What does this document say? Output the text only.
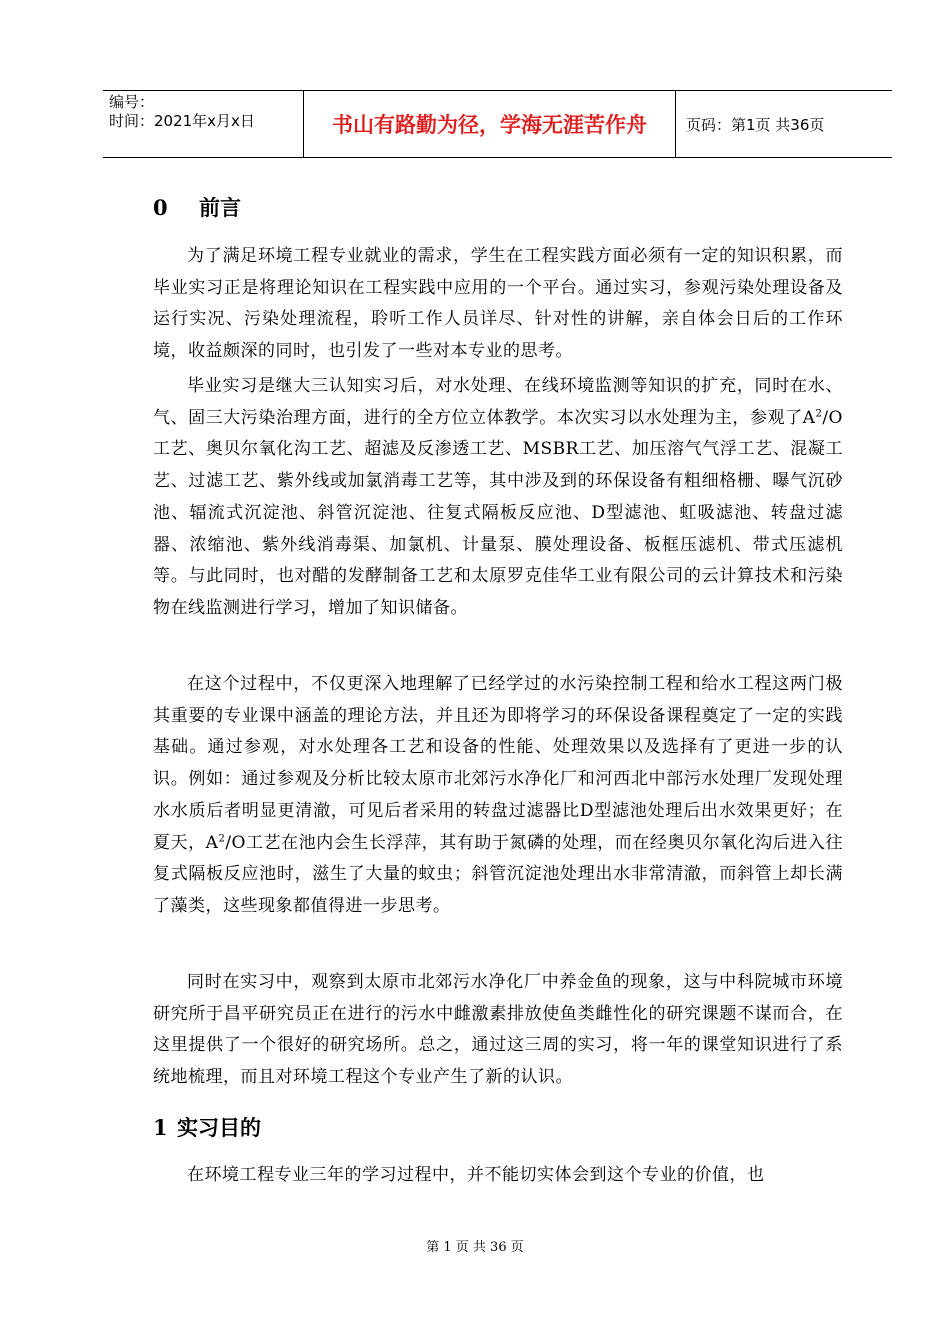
编号：
时间：2021年x月x日	书山有路勤为径，学海无涯苦作舟	页码：第1页 共36页
0 前言

为了满足环境工程专业就业的需求，学生在工程实践方面必须有一定的知识积累，而毕业实习正是将理论知识在工程实践中应用的一个平台。通过实习，参观污染处理设备及运行实况、污染处理流程，聆听工作人员详尽、针对性的讲解，亲自体会日后的工作环境，收益颇深的同时，也引发了一些对本专业的思考。

毕业实习是继大三认知实习后，对水处理、在线环境监测等知识的扩充，同时在水、气、固三大污染治理方面，进行的全方位立体教学。本次实习以水处理为主，参观了$A^2/O$工艺、奥贝尔氧化沟工艺、超滤及反渗透工艺、MSBR工艺、加压溶气气浮工艺、混凝工艺、过滤工艺、紫外线或加氯消毒工艺等，其中涉及到的环保设备有粗细格栅、曝气沉砂池、辐流式沉淀池、斜管沉淀池、往复式隔板反应池、D型滤池、虹吸滤池、转盘过滤器、浓缩池、紫外线消毒渠、加氯机、计量泵、膜处理设备、板框压滤机、带式压滤机等。与此同时，也对醋的发酵制备工艺和太原罗克佳华工业有限公司的云计算技术和污染物在线监测进行学习，增加了知识储备。

在这个过程中，不仅更深入地理解了已经学过的水污染控制工程和给水工程这两门极其重要的专业课中涵盖的理论方法，并且还为即将学习的环保设备课程奠定了一定的实践基础。通过参观，对水处理各工艺和设备的性能、处理效果以及选择有了更进一步的认识。例如：通过参观及分析比较太原市北郊污水净化厂和河西北中部污水处理厂发现处理水水质后者明显更清澈，可见后者采用的转盘过滤器比D型滤池处理后出水效果更好；在夏天，$A^2/O$工艺在池内会生长浮萍，其有助于氮磷的处理，而在经奥贝尔氧化沟后进入往复式隔板反应池时，滋生了大量的蚊虫；斜管沉淀池处理出水非常清澈，而斜管上却长满了藻类，这些现象都值得进一步思考。

同时在实习中，观察到太原市北郊污水净化厂中养金鱼的现象，这与中科院城市环境研究所于昌平研究员正在进行的污水中雌激素排放使鱼类雌性化的研究课题不谋而合，在这里提供了一个很好的研究场所。总之，通过这三周的实习，将一年的课堂知识进行了系统地梳理，而且对环境工程这个专业产生了新的认识。

1 实习目的

在环境工程专业三年的学习过程中，并不能切实体会到这个专业的价值，也

第 1 页 共 36 页
